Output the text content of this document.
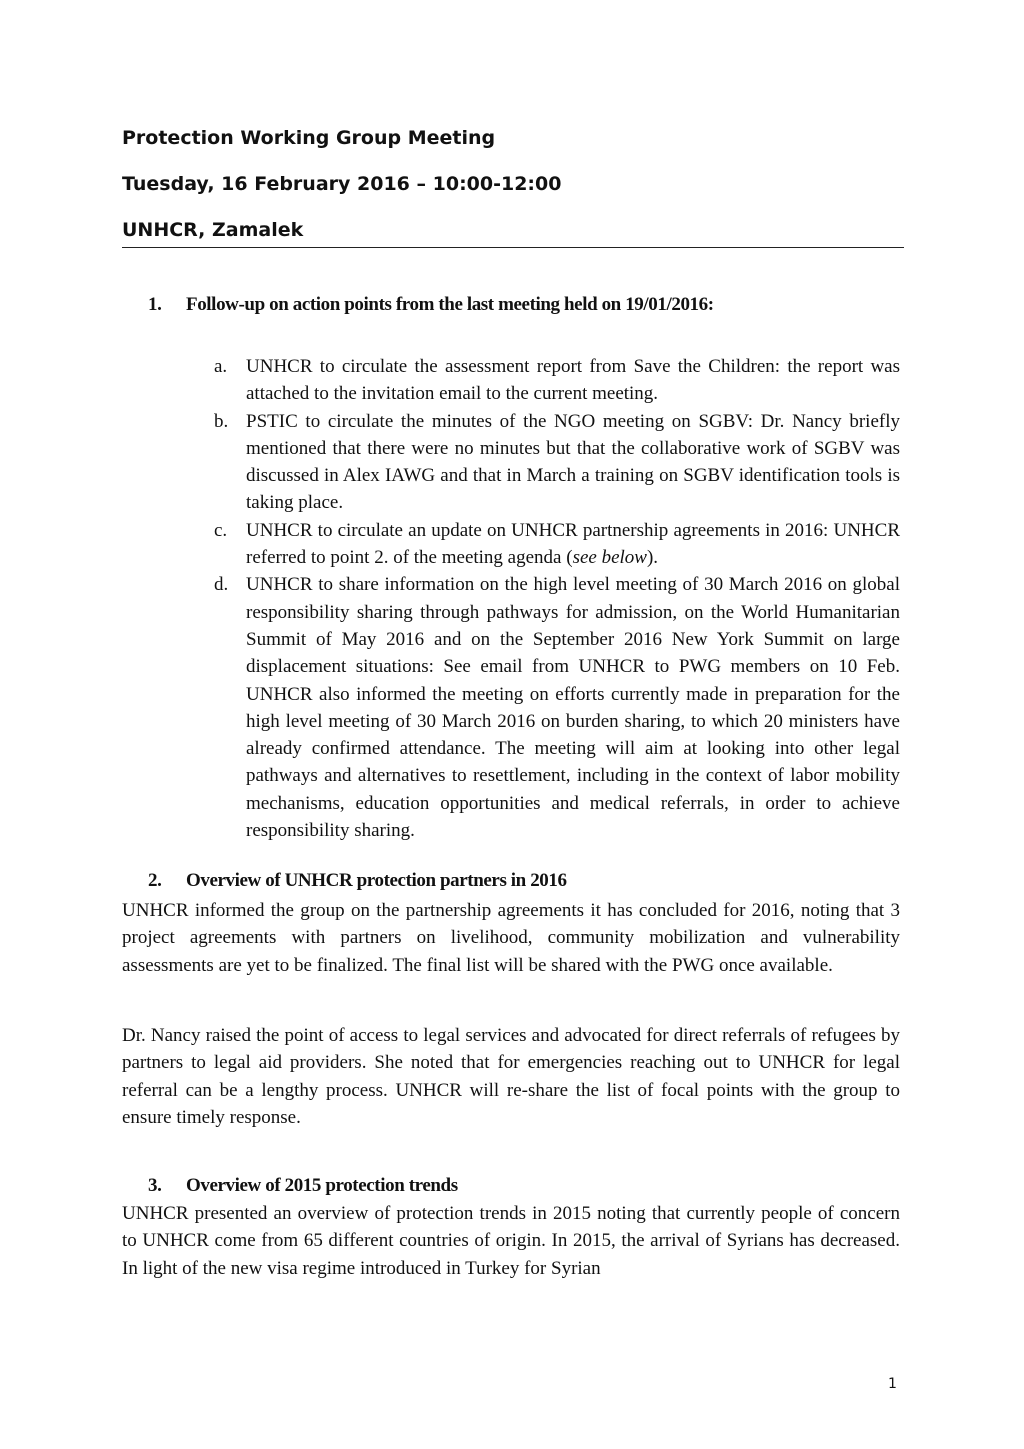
Protection Working Group Meeting
Tuesday, 16 February 2016 – 10:00-12:00
UNHCR, Zamalek
1. Follow-up on action points from the last meeting held on 19/01/2016:
a. UNHCR to circulate the assessment report from Save the Children: the report was attached to the invitation email to the current meeting.
b. PSTIC to circulate the minutes of the NGO meeting on SGBV: Dr. Nancy briefly mentioned that there were no minutes but that the collaborative work of SGBV was discussed in Alex IAWG and that in March a training on SGBV identification tools is taking place.
c. UNHCR to circulate an update on UNHCR partnership agreements in 2016: UNHCR referred to point 2. of the meeting agenda (see below).
d. UNHCR to share information on the high level meeting of 30 March 2016 on global responsibility sharing through pathways for admission, on the World Humanitarian Summit of May 2016 and on the September 2016 New York Summit on large displacement situations: See email from UNHCR to PWG members on 10 Feb. UNHCR also informed the meeting on efforts currently made in preparation for the high level meeting of 30 March 2016 on burden sharing, to which 20 ministers have already confirmed attendance. The meeting will aim at looking into other legal pathways and alternatives to resettlement, including in the context of labor mobility mechanisms, education opportunities and medical referrals, in order to achieve responsibility sharing.
2. Overview of UNHCR protection partners in 2016
UNHCR informed the group on the partnership agreements it has concluded for 2016, noting that 3 project agreements with partners on livelihood, community mobilization and vulnerability assessments are yet to be finalized. The final list will be shared with the PWG once available.
Dr. Nancy raised the point of access to legal services and advocated for direct referrals of refugees by partners to legal aid providers. She noted that for emergencies reaching out to UNHCR for legal referral can be a lengthy process. UNHCR will re-share the list of focal points with the group to ensure timely response.
3. Overview of 2015 protection trends
UNHCR presented an overview of protection trends in 2015 noting that currently people of concern to UNHCR come from 65 different countries of origin. In 2015, the arrival of Syrians has decreased. In light of the new visa regime introduced in Turkey for Syrian
1
